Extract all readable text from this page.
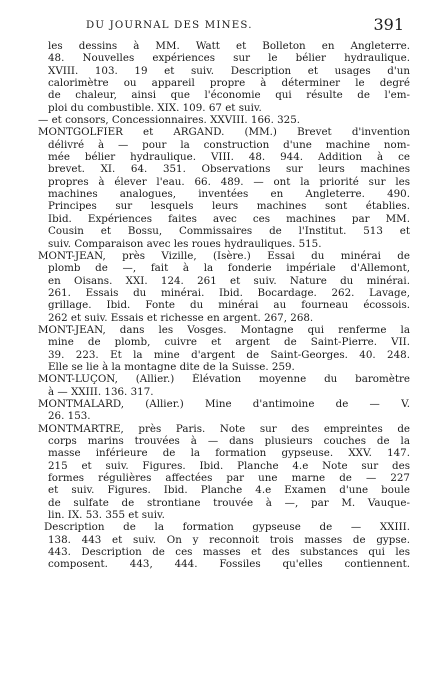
DU JOURNAL DES MINES.	391
les dessins à MM. Watt et Bolleton en Angleterre.
48. Nouvelles expériences sur le bélier hydraulique.
XVIII. 103. 19 et suiv. Description et usages d'un
calorimètre ou appareil propre à déterminer le degré
de chaleur, ainsi que l'économie qui résulte de l'em-
ploi du combustible. XIX. 109. 67 et suiv.
— et consors, Concessionnaires. XXVIII. 166. 325.
MONTGOLFIER et ARGAND. (MM.) Brevet d'invention
délivré à — pour la construction d'une machine nom-
mée bélier hydraulique. VIII. 48. 944. Addition à ce
brevet. XI. 64. 351. Observations sur leurs machines
propres à élever l'eau. 66. 489. — ont la priorité sur les
machines analogues, inventées en Angleterre. 490.
Principes sur lesquels leurs machines sont établies.
Ibid. Expériences faites avec ces machines par MM.
Cousin et Bossu, Commissaires de l'Institut. 513 et
suiv. Comparaison avec les roues hydrauliques. 515.
MONT-JEAN, près Vizille, (Isère.) Essai du minérai de
plomb de —, fait à la fonderie impériale d'Allemont,
en Oisans. XXI. 124. 261 et suiv. Nature du minérai.
261. Essais du minérai. Ibid. Bocardage. 262. Lavage,
grillage. Ibid. Fonte du minérai au fourneau écossois.
262 et suiv. Essais et richesse en argent. 267, 268.
MONT-JEAN, dans les Vosges. Montagne qui renferme la
mine de plomb, cuivre et argent de Saint-Pierre. VII.
39. 223. Et la mine d'argent de Saint-Georges. 40. 248.
Elle se lie à la montagne dite de la Suisse. 259.
MONT-LUÇON, (Allier.) Élévation moyenne du baromètre
à — XXIII. 136. 317.
MONTMALARD, (Allier.) Mine d'antimoine de — V.
26. 153.
MONTMARTRE, près Paris. Note sur des empreintes de
corps marins trouvées à — dans plusieurs couches de la
masse inférieure de la formation gypseuse. XXV. 147.
215 et suiv. Figures. Ibid. Planche 4.e Note sur des
formes régulières affectées par une marne de — 227
et suiv. Figures. Ibid. Planche 4.e Examen d'une boule
de sulfate de strontiane trouvée à —, par M. Vauque-
lin. IX. 53. 355 et suiv.
Description de la formation gypseuse de — XXIII.
138. 443 et suiv. On y reconnoit trois masses de gypse.
443. Description de ces masses et des substances qui les
composent. 443, 444. Fossiles qu'elles contiennent.
